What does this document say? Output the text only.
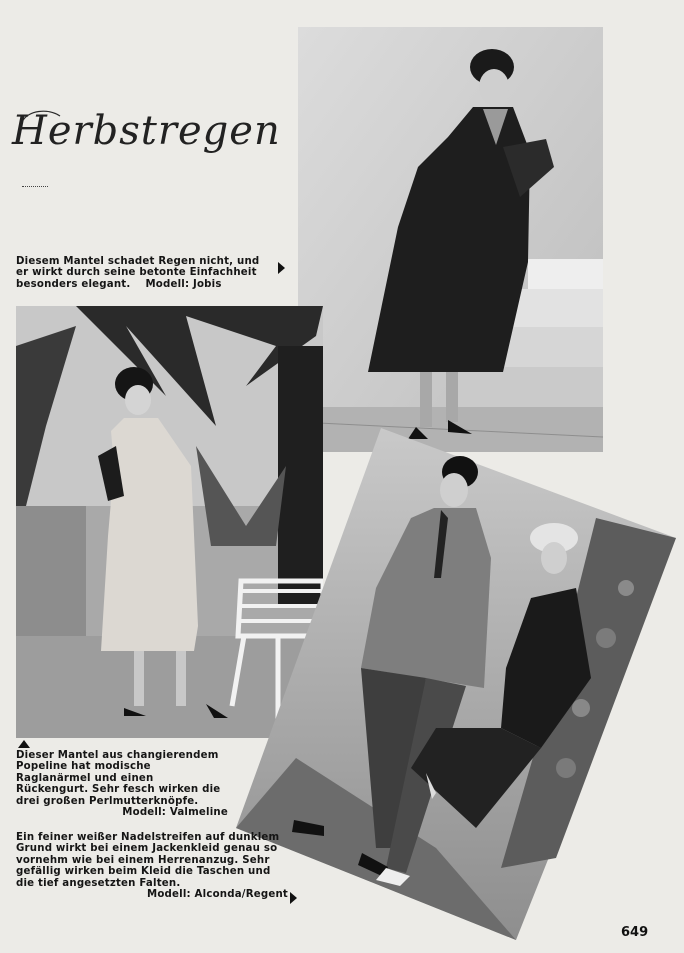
Herbstregen
Diesem Mantel schadet Regen nicht, und er wirkt durch seine betonte Einfachheit besonders elegant. Modell: Jobis
Dieser Mantel aus changierendem Popeline hat modische Raglanärmel und einen Rückengurt. Sehr fesch wirken die drei großen Perlmutterknöpfe.
Modell: Valmeline
Ein feiner weißer Nadelstreifen auf dunklem Grund wirkt bei einem Jackenkleid genau so vornehm wie bei einem Herrenanzug. Sehr gefällig wirken beim Kleid die Taschen und die tief angesetzten Falten.
Modell: Alconda/Regent
649
